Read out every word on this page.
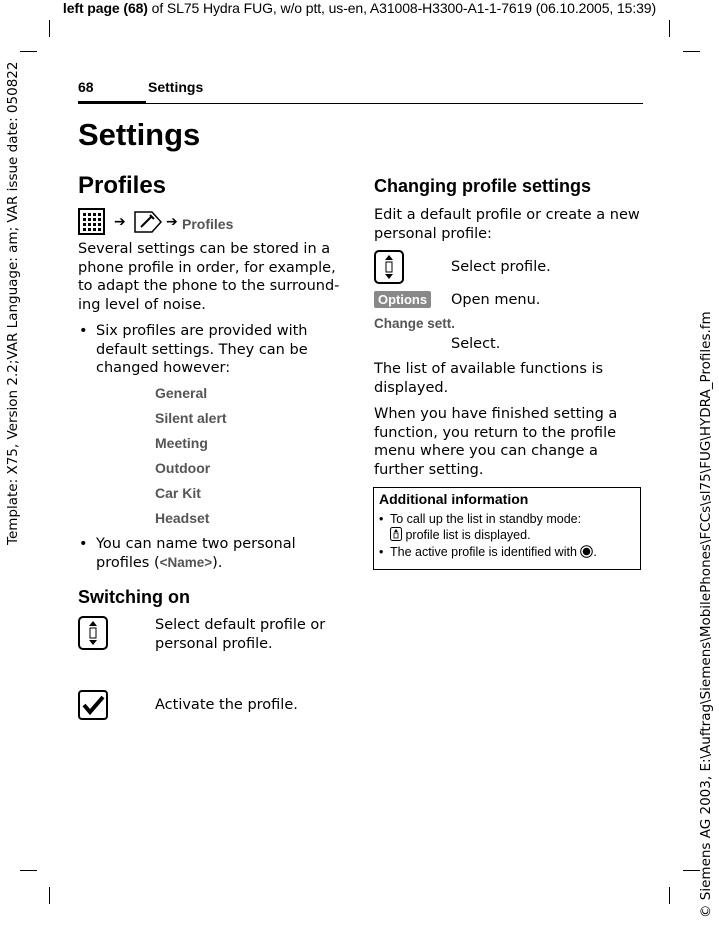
left page (68) of SL75 Hydra FUG, w/o ptt, us-en, A31008-H3300-A1-1-7619 (06.10.2005, 15:39)
Template: X75, Version 2.2;VAR Language: am; VAR issue date: 050822
© Siemens AG 2003, E:\Auftrag\Siemens\MobilePhones\FCCs\sl75\FUG\HYDRA_Profiles.fm
68	Settings
Settings
Profiles
➔	➔ Profiles
Several settings can be stored in a phone profile in order, for example, to adapt the phone to the surround-ing level of noise.
• Six profiles are provided with default settings. They can be changed however:
General
Silent alert
Meeting
Outdoor
Car Kit
Headset
• You can name two personal profiles (<Name>).
Switching on
Select default profile or personal profile.
Activate the profile.
Changing profile settings
Edit a default profile or create a new personal profile:
Select profile.
Options Open menu.
Change sett.
Select.
The list of available functions is displayed.
When you have finished setting a function, you return to the profile menu where you can change a further setting.
Additional information
• To call up the list in standby mode:
profile list is displayed.
• The active profile is identified with .
